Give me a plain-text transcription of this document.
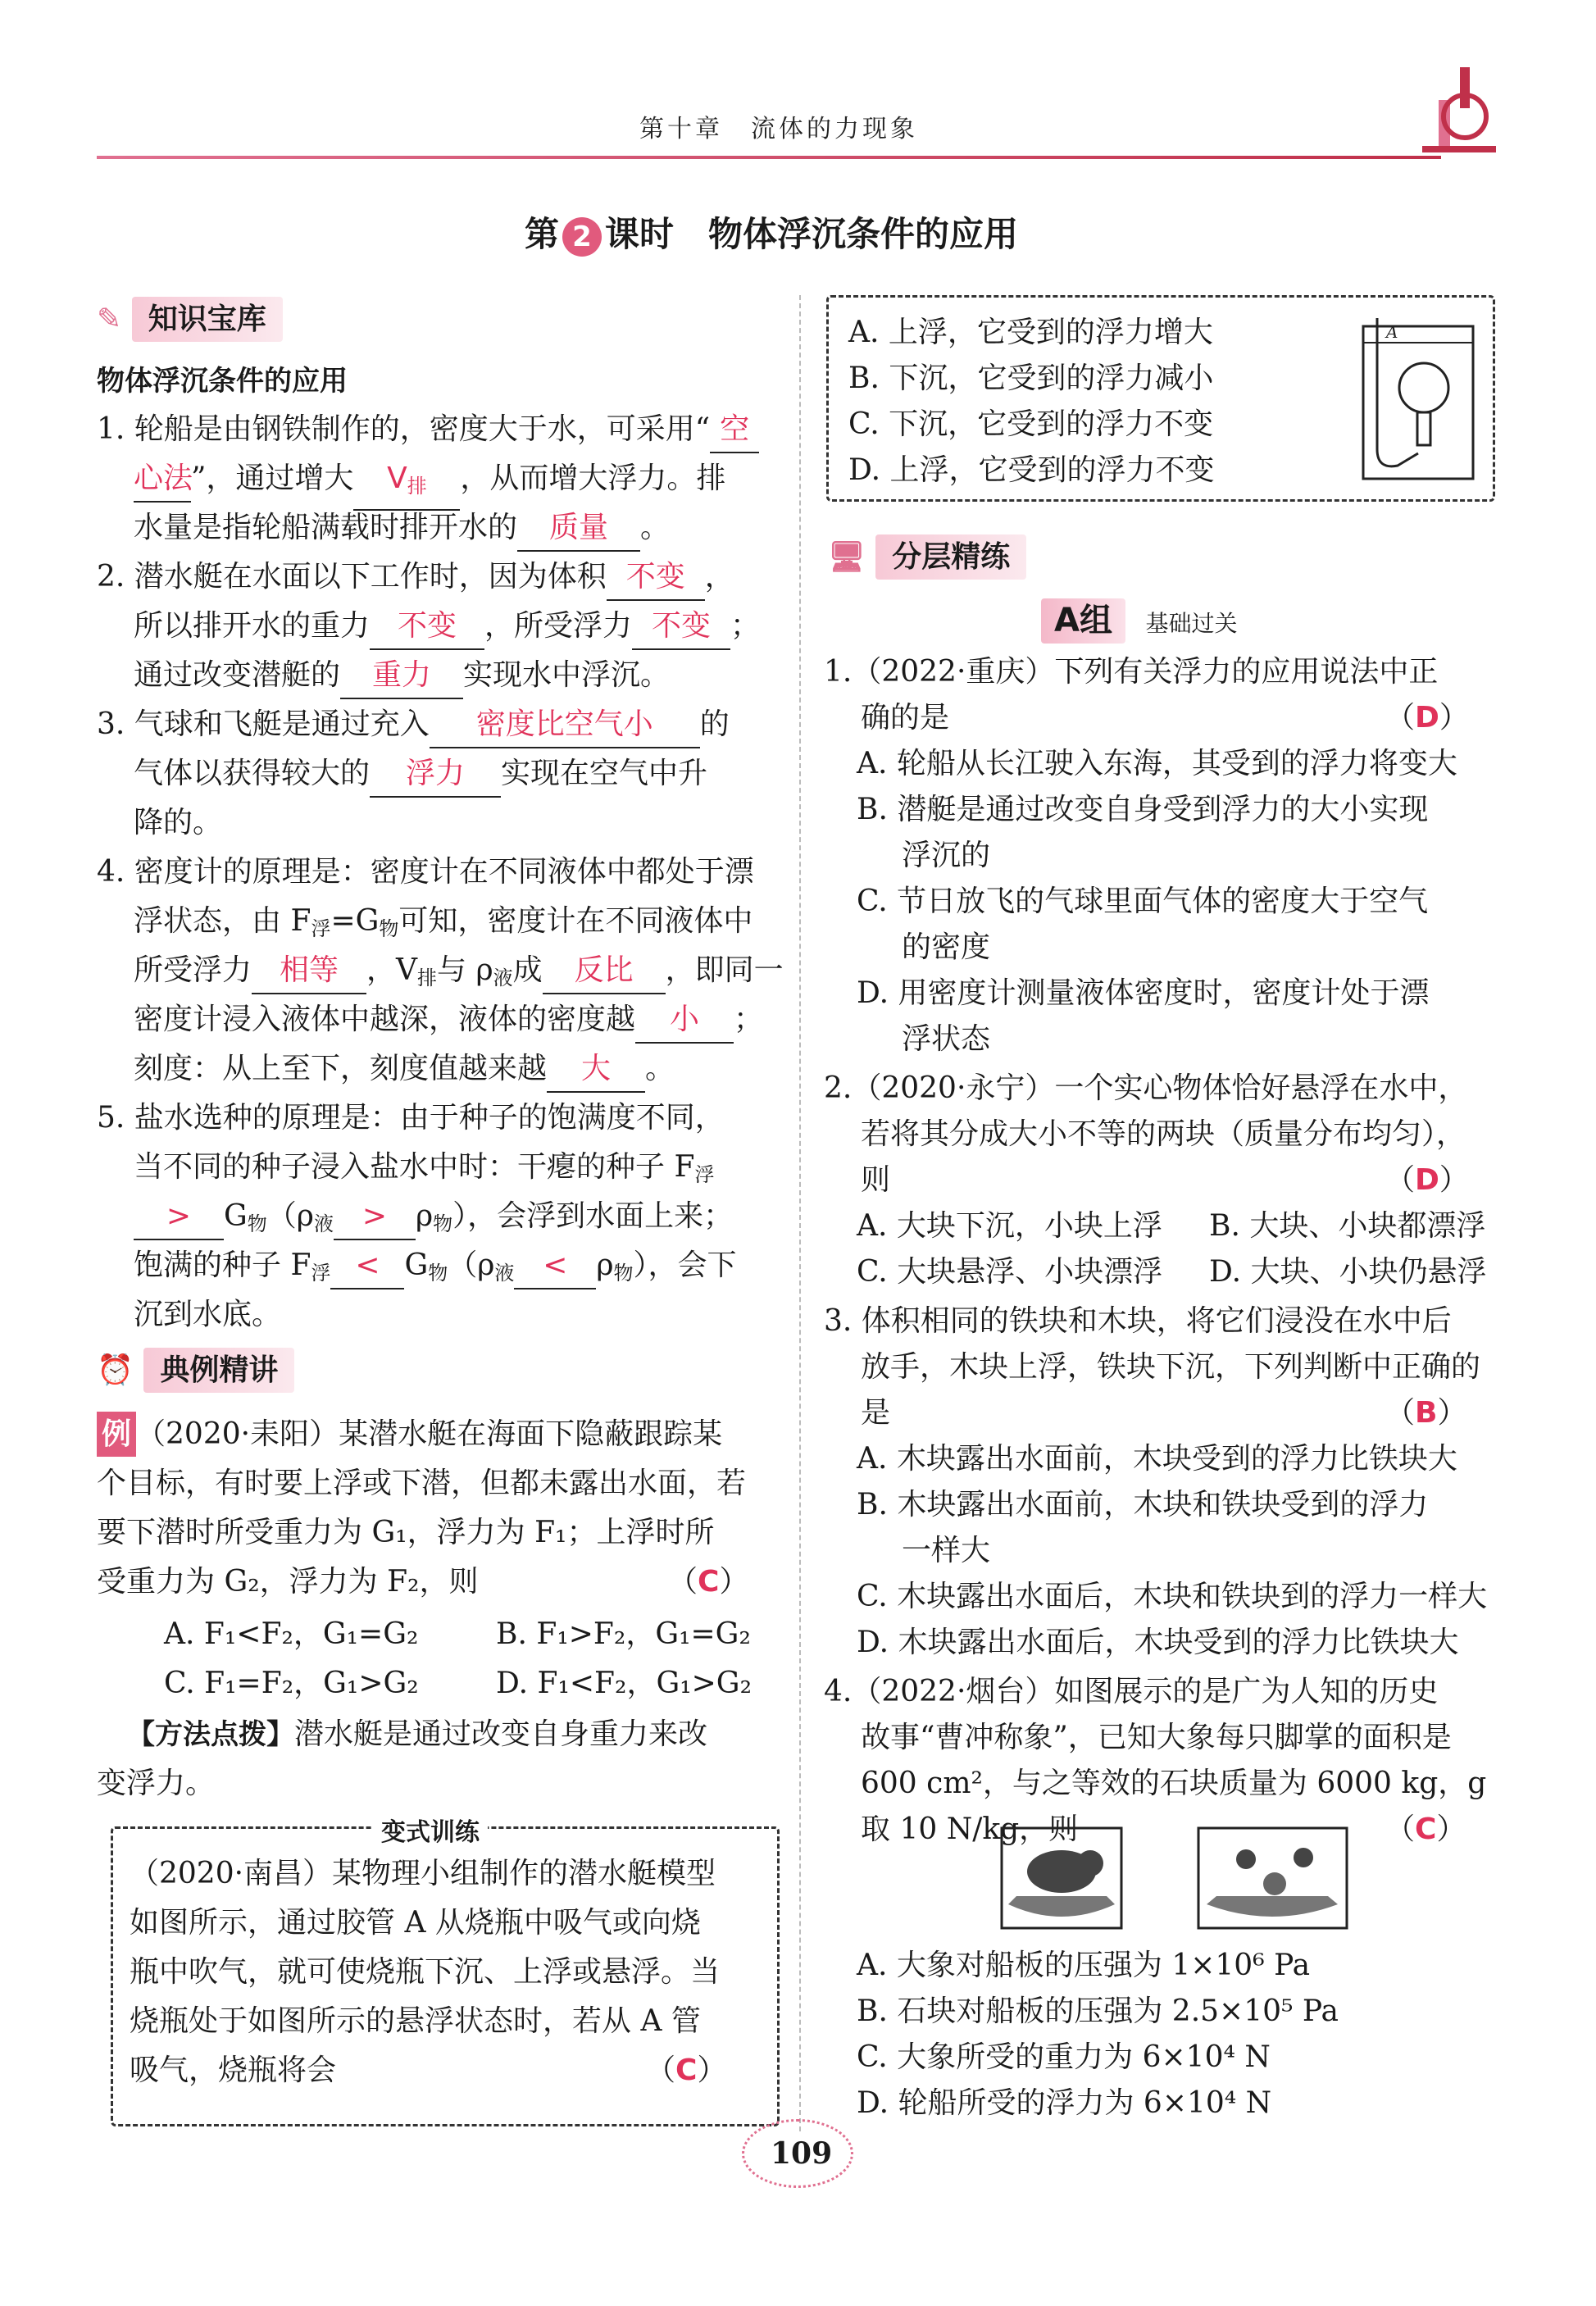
第十章　流体的力现象
第 2 课时　物体浮沉条件的应用
✎ 知识宝库
物体浮沉条件的应用
1. 轮船是由钢铁制作的，密度大于水，可采用“ 空
心法”，通过增大 V排 ，从而增大浮力。排
水量是指轮船满载时排开水的 质量 。
2. 潜水艇在水面以下工作时，因为体积 不变 ，
所以排开水的重力 不变 ，所受浮力 不变 ；
通过改变潜艇的 重力 实现水中浮沉。
3. 气球和飞艇是通过充入 密度比空气小 的
气体以获得较大的 浮力 实现在空气中升
降的。
4. 密度计的原理是：密度计在不同液体中都处于漂
浮状态，由 F浮=G物可知，密度计在不同液体中
所受浮力 相等 ，V排与 ρ液成 反比 ，即同一
密度计浸入液体中越深，液体的密度越 小 ；
刻度：从上至下，刻度值越来越 大 。
5. 盐水选种的原理是：由于种子的饱满度不同，
当不同的种子浸入盐水中时：干瘪的种子 F浮
> G物（ρ液 > ρ物），会浮到水面上来；
饱满的种子 F浮 < G物（ρ液 < ρ物），会下
沉到水底。
⏰ 典例精讲
例 （2020·耒阳）某潜水艇在海面下隐蔽跟踪某
个目标，有时要上浮或下潜，但都未露出水面，若
要下潜时所受重力为 G₁，浮力为 F₁；上浮时所
受重力为 G₂，浮力为 F₂，则	（C）
A. F₁<F₂，G₁=G₂	B. F₁>F₂，G₁=G₂
C. F₁=F₂，G₁>G₂	D. F₁<F₂，G₁>G₂
【方法点拨】潜水艇是通过改变自身重力来改
变浮力。
变式训练
（2020·南昌）某物理小组制作的潜水艇模型
如图所示，通过胶管 A 从烧瓶中吸气或向烧
瓶中吹气，就可使烧瓶下沉、上浮或悬浮。当
烧瓶处于如图所示的悬浮状态时，若从 A 管
吸气，烧瓶将会	（C）
A. 上浮，它受到的浮力增大
B. 下沉，它受到的浮力减小
C. 下沉，它受到的浮力不变
D. 上浮，它受到的浮力不变
A
🖥 分层精练
A组 基础过关
1.（2022·重庆）下列有关浮力的应用说法中正
确的是	（D）
A. 轮船从长江驶入东海，其受到的浮力将变大
B. 潜艇是通过改变自身受到浮力的大小实现
浮沉的
C. 节日放飞的气球里面气体的密度大于空气
的密度
D. 用密度计测量液体密度时，密度计处于漂
浮状态
2.（2020·永宁）一个实心物体恰好悬浮在水中，
若将其分成大小不等的两块（质量分布均匀），
则	（D）
A. 大块下沉，小块上浮 B. 大块、小块都漂浮
C. 大块悬浮、小块漂浮 D. 大块、小块仍悬浮
3. 体积相同的铁块和木块，将它们浸没在水中后
放手，木块上浮，铁块下沉，下列判断中正确的
是	（B）
A. 木块露出水面前，木块受到的浮力比铁块大
B. 木块露出水面前，木块和铁块受到的浮力
一样大
C. 木块露出水面后，木块和铁块到的浮力一样大
D. 木块露出水面后，木块受到的浮力比铁块大
4.（2022·烟台）如图展示的是广为人知的历史
故事“曹冲称象”，已知大象每只脚掌的面积是
600 cm²，与之等效的石块质量为 6000 kg，g
取 10 N/kg，则	（C）
A. 大象对船板的压强为 1×10⁶ Pa
B. 石块对船板的压强为 2.5×10⁵ Pa
C. 大象所受的重力为 6×10⁴ N
D. 轮船所受的浮力为 6×10⁴ N
109
